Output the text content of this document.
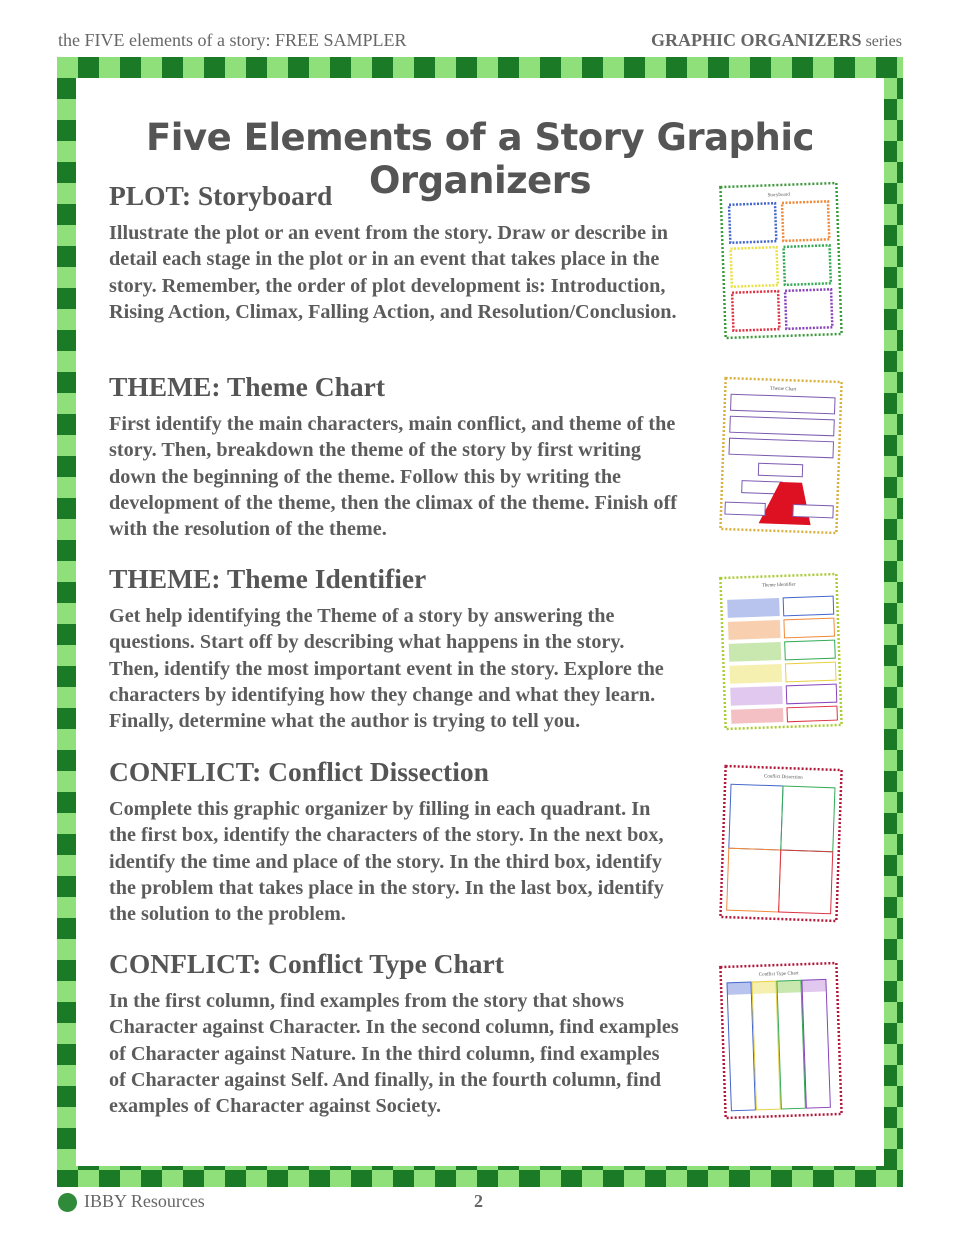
the FIVE elements of a story: FREE SAMPLER	GRAPHIC ORGANIZERS series
Five Elements of a Story Graphic Organizers
PLOT: Storyboard

Illustrate the plot or an event from the story. Draw or describe in detail each stage in the plot or in an event that takes place in the story. Remember, the order of plot development is: Introduction, Rising Action, Climax, Falling Action, and Resolution/Conclusion.

Storyboard
THEME: Theme Chart

First identify the main characters, main conflict, and theme of the story. Then, breakdown the theme of the story by first writing down the beginning of the theme. Follow this by writing the development of the theme, then the climax of the theme. Finish off with the resolution of the theme.

Theme Chart
THEME: Theme Identifier

Get help identifying the Theme of a story by answering the questions. Start off by describing what happens in the story. Then, identify the most important event in the story. Explore the characters by identifying how they change and what they learn. Finally, determine what the author is trying to tell you.

Theme Identifier
CONFLICT: Conflict Dissection

Complete this graphic organizer by filling in each quadrant. In the first box, identify the characters of the story. In the next box, identify the time and place of the story. In the third box, identify the problem that takes place in the story. In the last box, identify the solution to the problem.

Conflict Dissection
CONFLICT: Conflict Type Chart

In the first column, find examples from the story that shows Character against Character. In the second column, find examples of Character against Nature. In the third column, find examples of Character against Self. And finally, in the fourth column, find examples of Character against Society.

Conflict Type Chart
IBBY Resources	2
